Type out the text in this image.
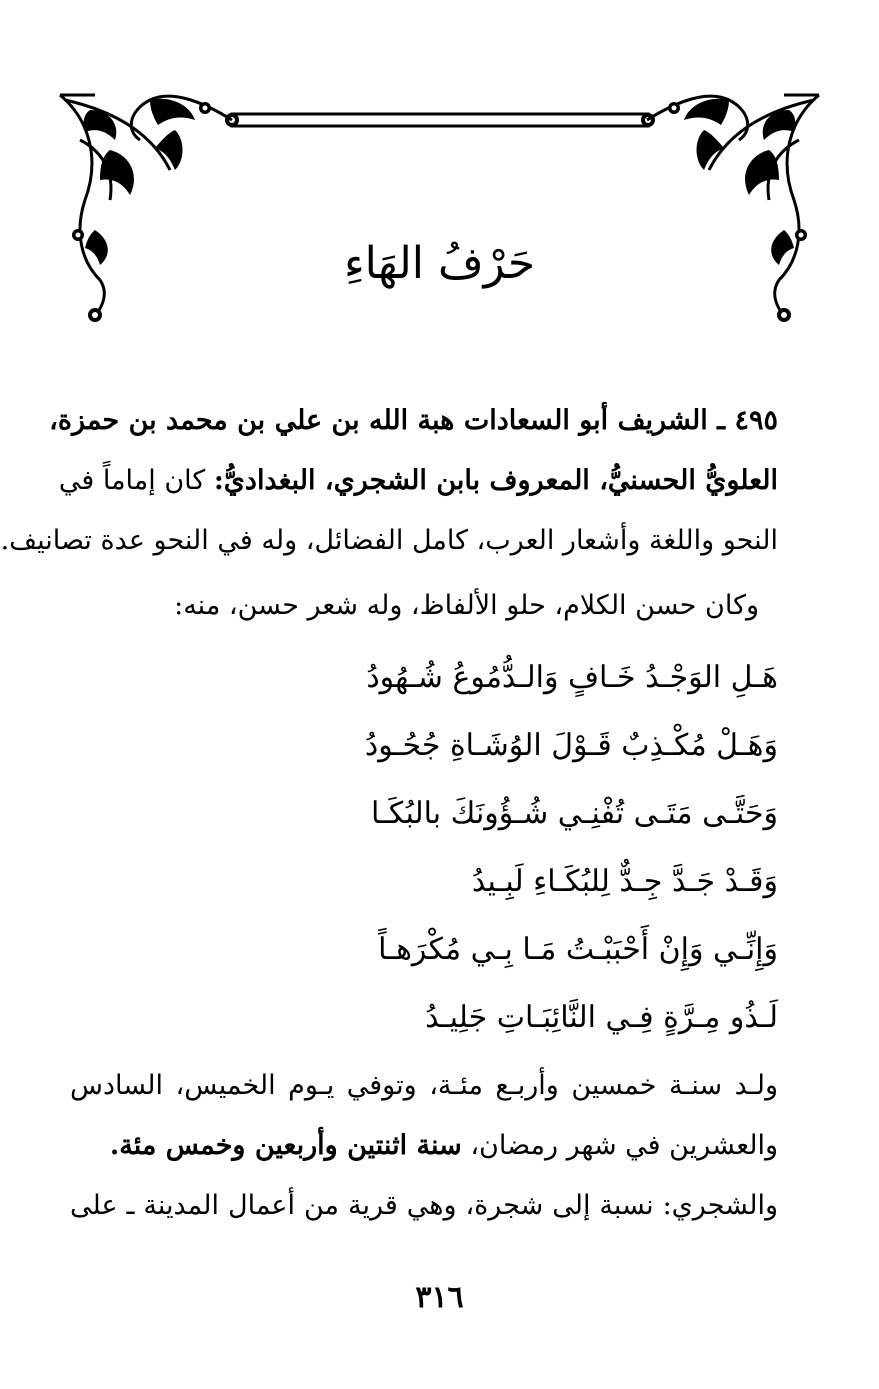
حَرْفُ الهَاءِ
٤٩٥ ـ الشريف أبو السعادات هبة الله بن علي بن محمد بن حمزة،
العلويُّ الحسنيُّ، المعروف بابن الشجري، البغداديُّ: كان إماماً في
النحو واللغة وأشعار العرب، كامل الفضائل، وله في النحو عدة تصانيف.
وكان حسن الكلام، حلو الألفاظ، وله شعر حسن، منه:
هَـلِ الوَجْـدُ خَـافٍ وَالـدُّمُوعُ شُـهُودُ
وَهَـلْ مُكْـذِبٌ قَـوْلَ الوُشَـاةِ جُحُـودُ
وَحَتَّـى مَتَـى تُفْنِـي شُـؤُونَكَ بالبُكَـا
وَقَـدْ جَـدَّ جِـدٌّ لِلبُكَـاءِ لَبِـيدُ
وَإِنِّـي وَإِنْ أَحْبَبْـتُ مَـا بِـي مُكْرَهـاً
لَـذُو مِـرَّةٍ فِـي النَّائِبَـاتِ جَلِيـدُ
ولـد سنـة خمسين وأربـع مئـة، وتوفي يـوم الخميس، السادس
والعشرين في شهر رمضان، سنة اثنتين وأربعين وخمس مئة.
والشجري: نسبة إلى شجرة، وهي قرية من أعمال المدينة ـ على
٣١٦
